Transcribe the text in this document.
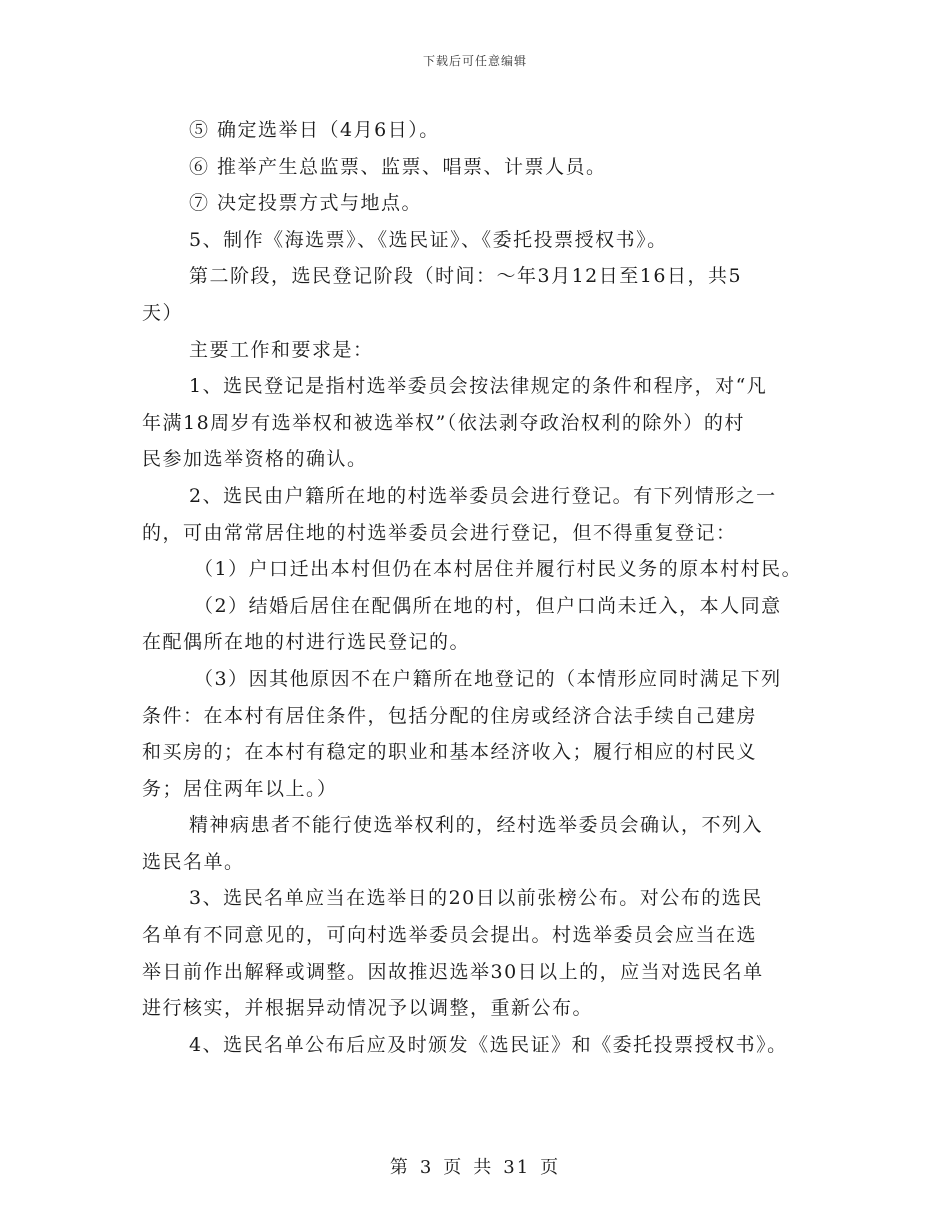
下载后可任意编辑
⑤ 确定选举日（4月6日）。
⑥ 推举产生总监票、监票、唱票、计票人员。
⑦ 决定投票方式与地点。
5、制作《海选票》、《选民证》、《委托投票授权书》。
第二阶段，选民登记阶段（时间：～年3月12日至16日，共5
天）
主要工作和要求是：
1、选民登记是指村选举委员会按法律规定的条件和程序，对“凡
年满18周岁有选举权和被选举权”（依法剥夺政治权利的除外）的村
民参加选举资格的确认。
2、选民由户籍所在地的村选举委员会进行登记。有下列情形之一
的，可由常常居住地的村选举委员会进行登记，但不得重复登记：
（1）户口迁出本村但仍在本村居住并履行村民义务的原本村村民。
（2）结婚后居住在配偶所在地的村，但户口尚未迁入，本人同意
在配偶所在地的村进行选民登记的。
（3）因其他原因不在户籍所在地登记的（本情形应同时满足下列
条件：在本村有居住条件，包括分配的住房或经济合法手续自己建房
和买房的；在本村有稳定的职业和基本经济收入；履行相应的村民义
务；居住两年以上。）
精神病患者不能行使选举权利的，经村选举委员会确认，不列入
选民名单。
3、选民名单应当在选举日的20日以前张榜公布。对公布的选民
名单有不同意见的，可向村选举委员会提出。村选举委员会应当在选
举日前作出解释或调整。因故推迟选举30日以上的，应当对选民名单
进行核实，并根据异动情况予以调整，重新公布。
4、选民名单公布后应及时颁发《选民证》和《委托投票授权书》。
第 3 页 共 31 页
